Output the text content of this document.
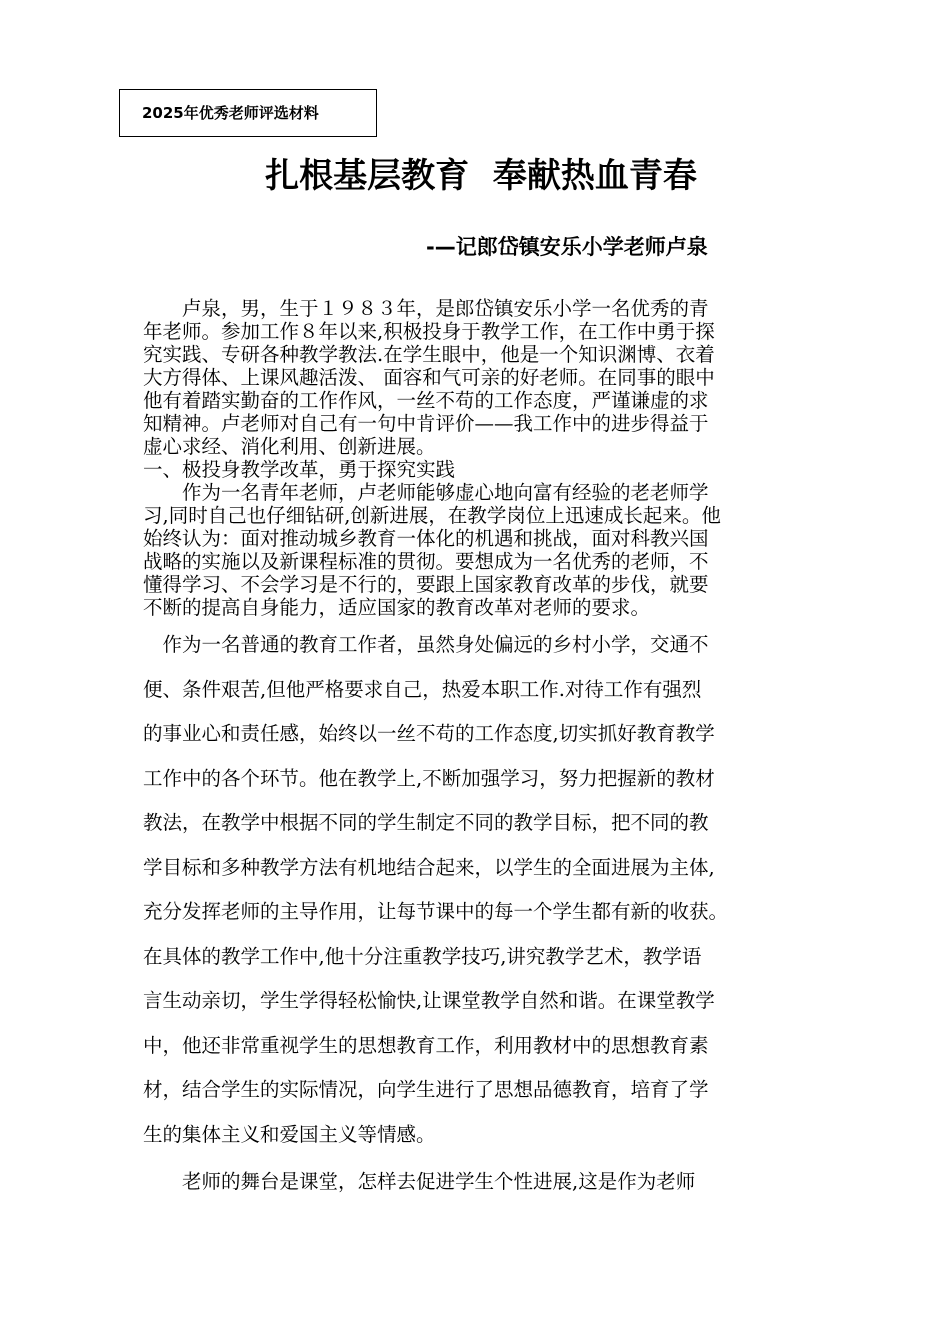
2025年优秀老师评选材料
扎根基层教育  奉献热血青春
-—记郎岱镇安乐小学老师卢泉
　　卢泉，男，生于１９８３年，是郎岱镇安乐小学一名优秀的青
年老师。参加工作８年以来,积极投身于教学工作，在工作中勇于探
究实践、专研各种教学教法.在学生眼中，他是一个知识渊博、衣着
大方得体、上课风趣活泼、 面容和气可亲的好老师。在同事的眼中
他有着踏实勤奋的工作作风，一丝不苟的工作态度，严谨谦虚的求
知精神。卢老师对自己有一句中肯评价——我工作中的进步得益于
虚心求经、消化利用、创新进展。
一、极投身教学改革，勇于探究实践
　　作为一名青年老师，卢老师能够虚心地向富有经验的老老师学
习,同时自己也仔细钻研,创新进展，在教学岗位上迅速成长起来。他
始终认为：面对推动城乡教育一体化的机遇和挑战，面对科教兴国
战略的实施以及新课程标准的贯彻。要想成为一名优秀的老师，不
懂得学习、不会学习是不行的，要跟上国家教育改革的步伐，就要
不断的提高自身能力，适应国家的教育改革对老师的要求。
　作为一名普通的教育工作者，虽然身处偏远的乡村小学，交通不
便、条件艰苦,但他严格要求自己，热爱本职工作.对待工作有强烈
的事业心和责任感，始终以一丝不苟的工作态度,切实抓好教育教学
工作中的各个环节。他在教学上,不断加强学习，努力把握新的教材
教法，在教学中根据不同的学生制定不同的教学目标，把不同的教
学目标和多种教学方法有机地结合起来，以学生的全面进展为主体,
充分发挥老师的主导作用，让每节课中的每一个学生都有新的收获。
在具体的教学工作中,他十分注重教学技巧,讲究教学艺术，教学语
言生动亲切，学生学得轻松愉快,让课堂教学自然和谐。在课堂教学
中，他还非常重视学生的思想教育工作，利用教材中的思想教育素
材，结合学生的实际情况，向学生进行了思想品德教育，培育了学
生的集体主义和爱国主义等情感。
　　老师的舞台是课堂，怎样去促进学生个性进展,这是作为老师
